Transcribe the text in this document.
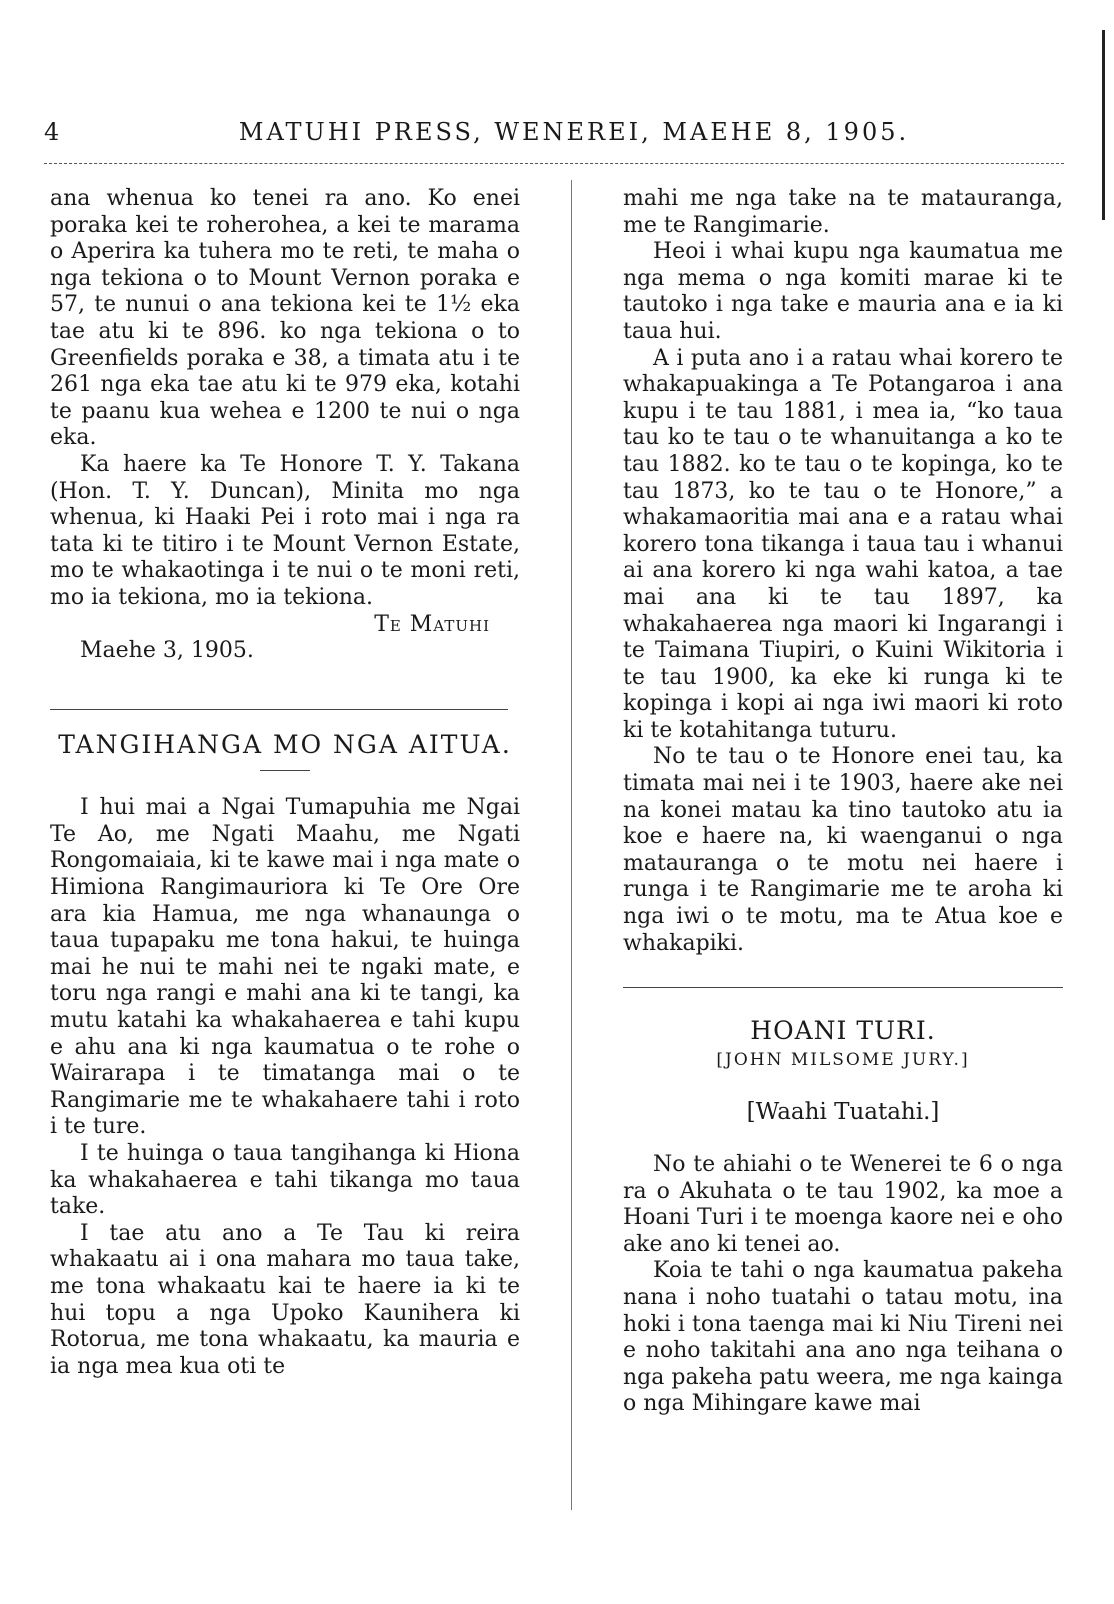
4	MATUHI PRESS, WENEREI, MAEHE 8, 1905.

ana whenua ko tenei ra ano. Ko enei poraka kei te roherohea, a kei te marama o Aperira ka tuhera mo te reti, te maha o nga tekiona o to Mount Vernon poraka e 57, te nunui o ana tekiona kei te 1½ eka tae atu ki te 896. ko nga tekiona o to Greenfields poraka e 38, a timata atu i te 261 nga eka tae atu ki te 979 eka, kotahi te paanu kua wehea e 1200 te nui o nga eka.

Ka haere ka Te Honore T. Y. Takana (Hon. T. Y. Duncan), Minita mo nga whenua, ki Haaki Pei i roto mai i nga ra tata ki te titiro i te Mount Vernon Estate, mo te whakaotinga i te nui o te moni reti, mo ia tekiona, mo ia tekiona.

Te Matuhi

Maehe 3, 1905.

TANGIHANGA MO NGA AITUA.

I hui mai a Ngai Tumapuhia me Ngai Te Ao, me Ngati Maahu, me Ngati Rongomaiaia, ki te kawe mai i nga mate o Himiona Rangimauriora ki Te Ore Ore ara kia Hamua, me nga whanaunga o taua tupapaku me tona hakui, te huinga mai he nui te mahi nei te ngaki mate, e toru nga rangi e mahi ana ki te tangi, ka mutu katahi ka whakahaerea e tahi kupu e ahu ana ki nga kaumatua o te rohe o Wairarapa i te timatanga mai o te Rangimarie me te whakahaere tahi i roto i te ture.

I te huinga o taua tangihanga ki Hiona ka whakahaerea e tahi tikanga mo taua take.

I tae atu ano a Te Tau ki reira whakaatu ai i ona mahara mo taua take, me tona whakaatu kai te haere ia ki te hui topu a nga Upoko Kaunihera ki Rotorua, me tona whakaatu, ka mauria e ia nga mea kua oti te

mahi me nga take na te matauranga, me te Rangimarie.

Heoi i whai kupu nga kaumatua me nga mema o nga komiti marae ki te tautoko i nga take e mauria ana e ia ki taua hui.

A i puta ano i a ratau whai korero te whakapuakinga a Te Potangaroa i ana kupu i te tau 1881, i mea ia, “ko taua tau ko te tau o te whanuitanga a ko te tau 1882. ko te tau o te kopinga, ko te tau 1873, ko te tau o te Honore,” a whakamaoritia mai ana e a ratau whai korero tona tikanga i taua tau i whanui ai ana korero ki nga wahi katoa, a tae mai ana ki te tau 1897, ka whakahaerea nga maori ki Ingarangi i te Taimana Tiupiri, o Kuini Wikitoria i te tau 1900, ka eke ki runga ki te kopinga i kopi ai nga iwi maori ki roto ki te kotahitanga tuturu.

No te tau o te Honore enei tau, ka timata mai nei i te 1903, haere ake nei na konei matau ka tino tautoko atu ia koe e haere na, ki waenganui o nga matauranga o te motu nei haere i runga i te Rangimarie me te aroha ki nga iwi o te motu, ma te Atua koe e whakapiki.

HOANI TURI.

[JOHN MILSOME JURY.]

[Waahi Tuatahi.]

No te ahiahi o te Wenerei te 6 o nga ra o Akuhata o te tau 1902, ka moe a Hoani Turi i te moenga kaore nei e oho ake ano ki tenei ao.

Koia te tahi o nga kaumatua pakeha nana i noho tuatahi o tatau motu, ina hoki i tona taenga mai ki Niu Tireni nei e noho takitahi ana ano nga teihana o nga pakeha patu weera, me nga kainga o nga Mihingare kawe mai
